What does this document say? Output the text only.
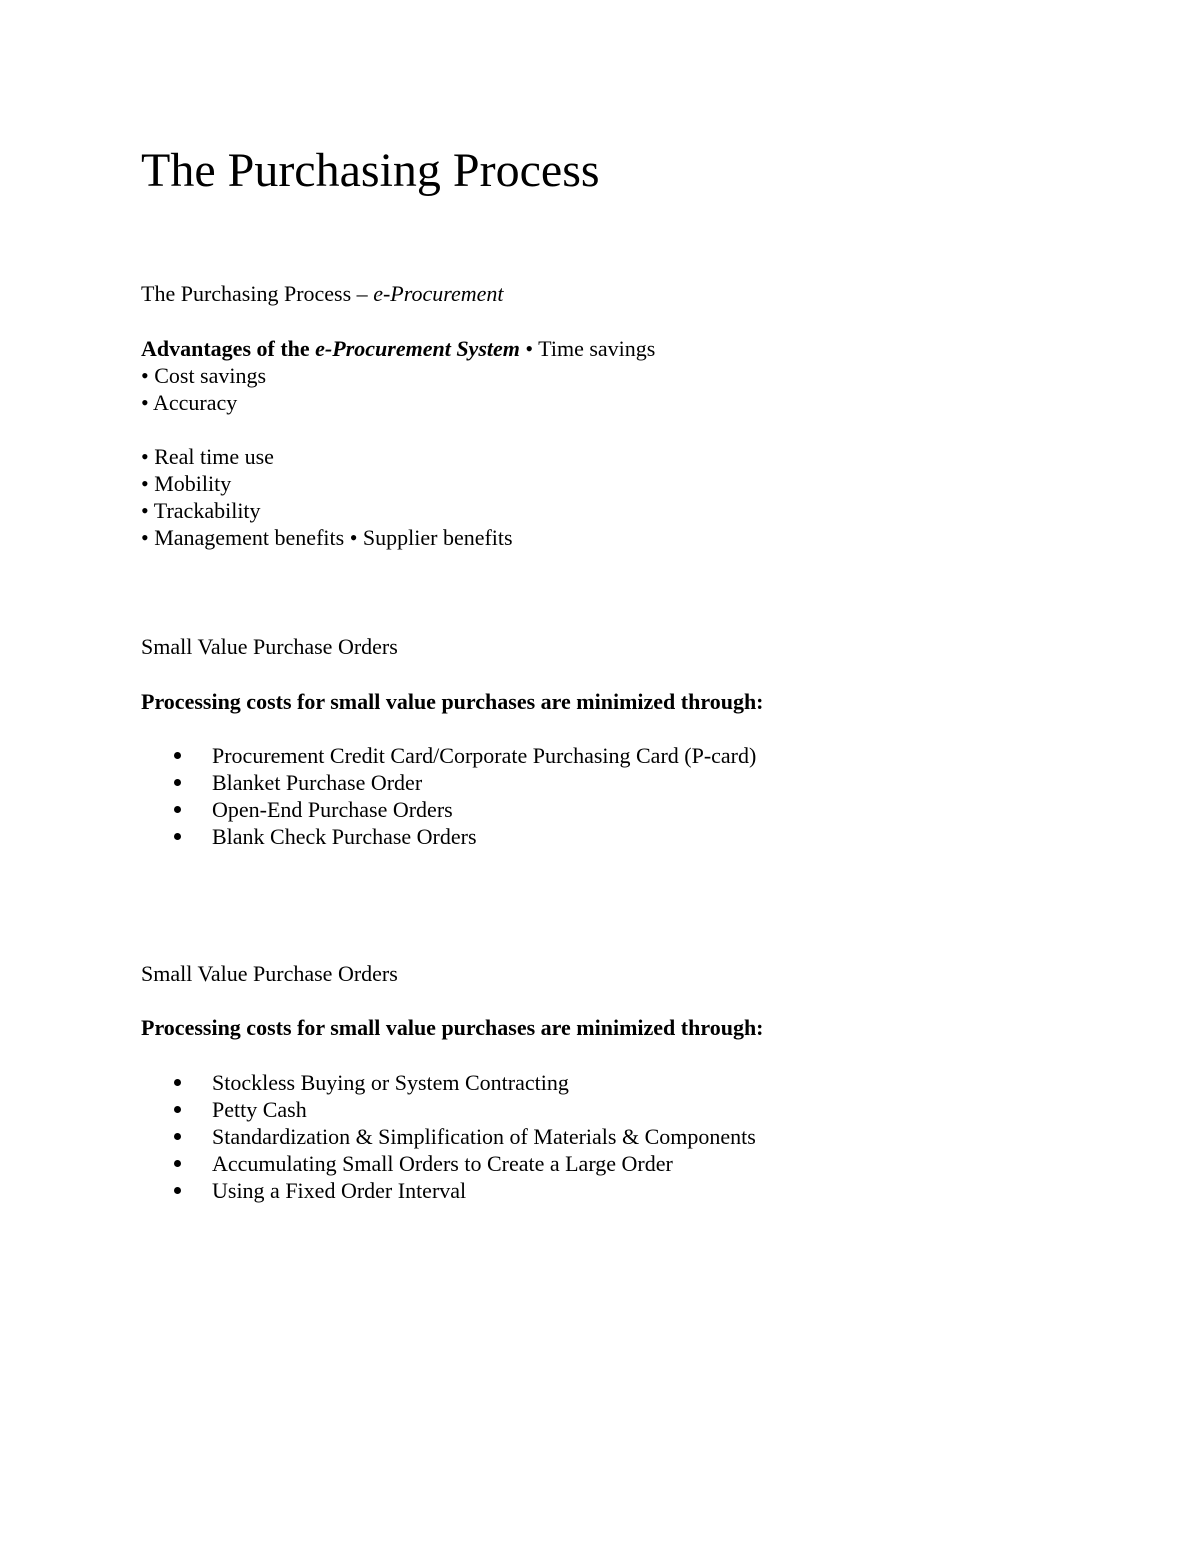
The Purchasing Process
The Purchasing Process – e-Procurement
Advantages of the e-Procurement System • Time savings
• Cost savings
• Accuracy
• Real time use
• Mobility
• Trackability
• Management benefits • Supplier benefits
Small Value Purchase Orders
Processing costs for small value purchases are minimized through:
Procurement Credit Card/Corporate Purchasing Card (P-card)
Blanket Purchase Order
Open-End Purchase Orders
Blank Check Purchase Orders
Small Value Purchase Orders
Processing costs for small value purchases are minimized through:
Stockless Buying or System Contracting
Petty Cash
Standardization & Simplification of Materials & Components
Accumulating Small Orders to Create a Large Order
Using a Fixed Order Interval
